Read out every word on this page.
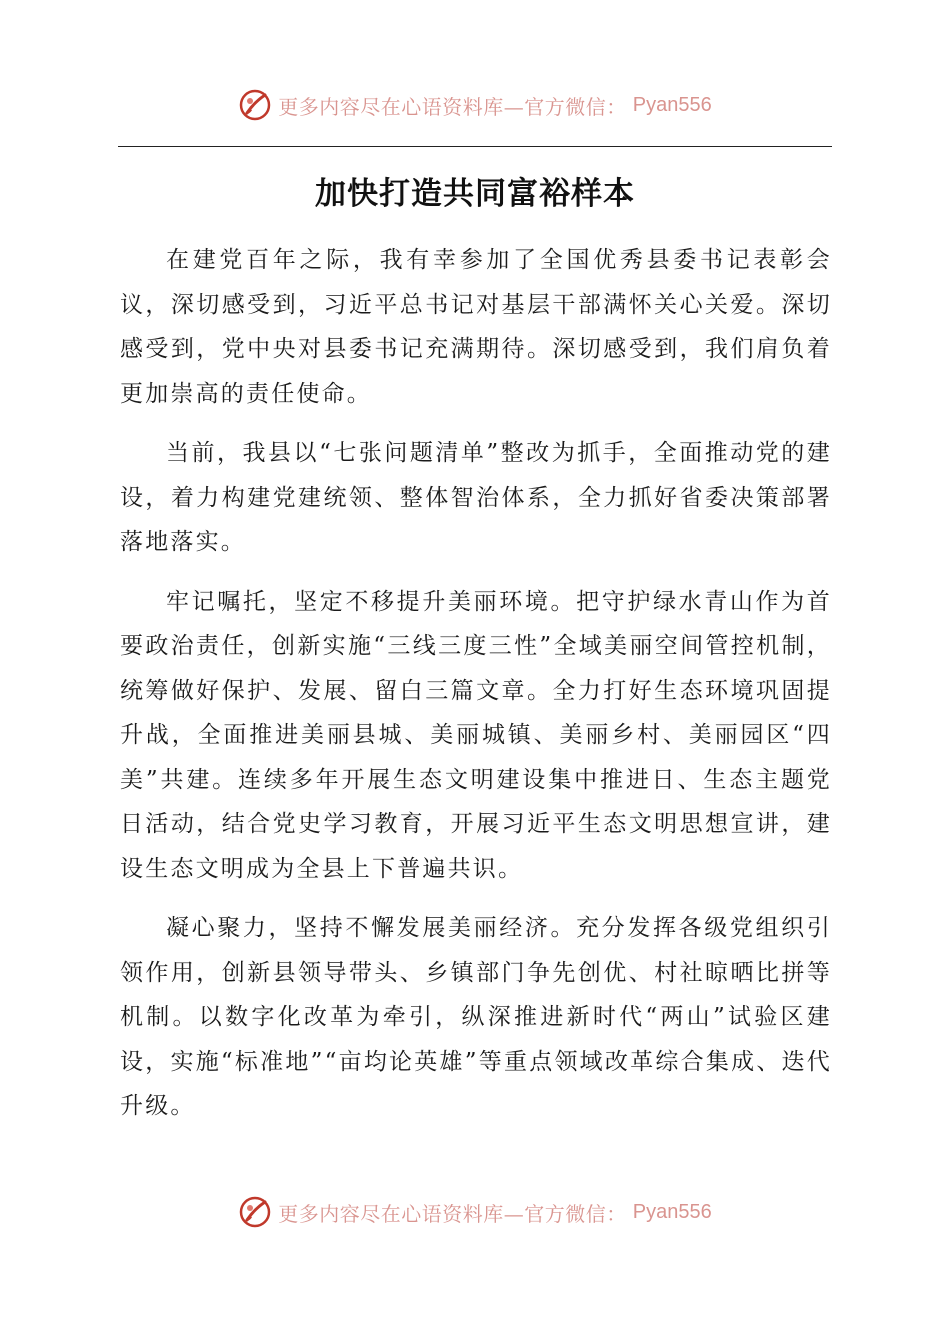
更多内容尽在心语资料库—官方微信： Pyan556
加快打造共同富裕样本

在建党百年之际，我有幸参加了全国优秀县委书记表彰会议，深切感受到，习近平总书记对基层干部满怀关心关爱。深切感受到，党中央对县委书记充满期待。深切感受到，我们肩负着更加崇高的责任使命。

当前，我县以“七张问题清单”整改为抓手，全面推动党的建设，着力构建党建统领、整体智治体系，全力抓好省委决策部署落地落实。

牢记嘱托，坚定不移提升美丽环境。把守护绿水青山作为首要政治责任，创新实施“三线三度三性”全域美丽空间管控机制，统筹做好保护、发展、留白三篇文章。全力打好生态环境巩固提升战，全面推进美丽县城、美丽城镇、美丽乡村、美丽园区“四美”共建。连续多年开展生态文明建设集中推进日、生态主题党日活动，结合党史学习教育，开展习近平生态文明思想宣讲，建设生态文明成为全县上下普遍共识。

凝心聚力，坚持不懈发展美丽经济。充分发挥各级党组织引领作用，创新县领导带头、乡镇部门争先创优、村社晾晒比拼等机制。以数字化改革为牵引，纵深推进新时代“两山”试验区建设，实施“标准地”“亩均论英雄”等重点领域改革综合集成、迭代升级。

更多内容尽在心语资料库—官方微信： Pyan556
